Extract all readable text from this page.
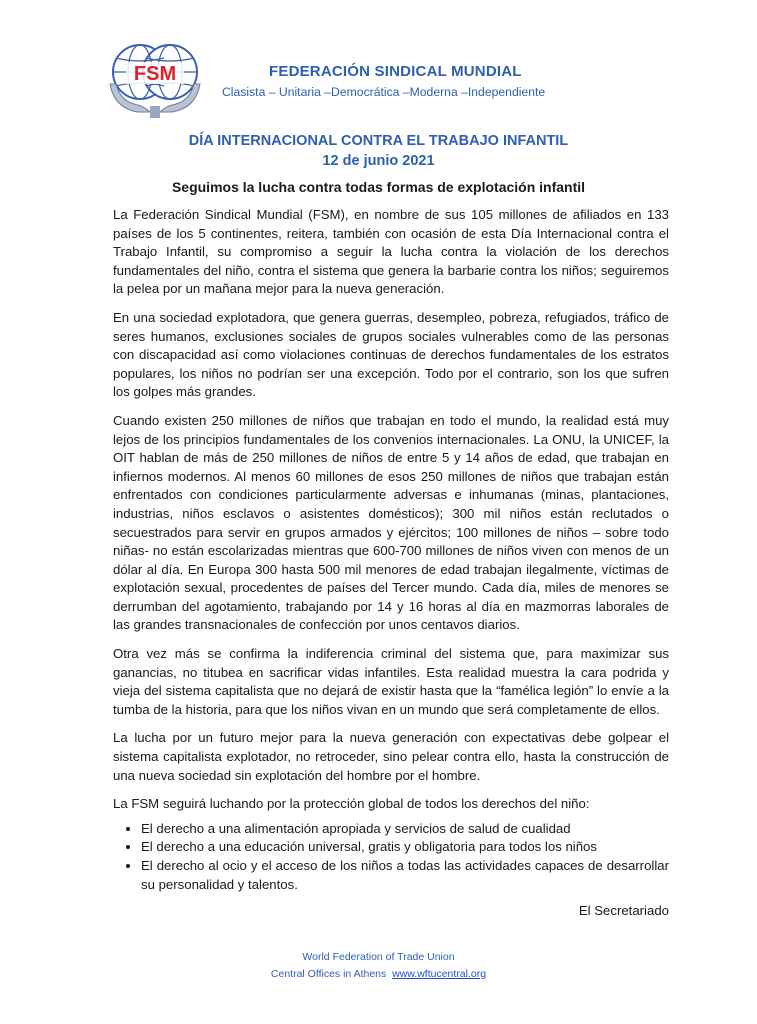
FSM	FEDERACIÓN SINDICAL MUNDIAL
Clasista – Unitaria –Democrática –Moderna –Independiente
DÍA INTERNACIONAL CONTRA EL TRABAJO INFANTIL
12 de junio 2021
Seguimos la lucha contra todas formas de explotación infantil

La Federación Sindical Mundial (FSM), en nombre de sus 105 millones de afiliados en 133 países de los 5 continentes, reitera, también con ocasión de esta Día Internacional contra el Trabajo Infantil, su compromiso a seguir la lucha contra la violación de los derechos fundamentales del niño, contra el sistema que genera la barbarie contra los niños; seguiremos la pelea por un mañana mejor para la nueva generación.

En una sociedad explotadora, que genera guerras, desempleo, pobreza, refugiados, tráfico de seres humanos, exclusiones sociales de grupos sociales vulnerables como de las personas con discapacidad así como violaciones continuas de derechos fundamentales de los estratos populares, los niños no podrían ser una excepción. Todo por el contrario, son los que sufren los golpes más grandes.

Cuando existen 250 millones de niños que trabajan en todo el mundo, la realidad está muy lejos de los principios fundamentales de los convenios internacionales. La ONU, la UNICEF, la OIT hablan de más de 250 millones de niños de entre 5 y 14 años de edad, que trabajan en infiernos modernos. Al menos 60 millones de esos 250 millones de niños que trabajan están enfrentados con condiciones particularmente adversas e inhumanas (minas, plantaciones, industrias, niños esclavos o asistentes domésticos); 300 mil niños están reclutados o secuestrados para servir en grupos armados y ejércitos; 100 millones de niños – sobre todo niñas- no están escolarizadas mientras que 600-700 millones de niños viven con menos de un dólar al día. En Europa 300 hasta 500 mil menores de edad trabajan ilegalmente, víctimas de explotación sexual, procedentes de países del Tercer mundo. Cada día, miles de menores se derrumban del agotamiento, trabajando por 14 y 16 horas al día en mazmorras laborales de las grandes transnacionales de confección por unos centavos diarios.

Otra vez más se confirma la indiferencia criminal del sistema que, para maximizar sus ganancias, no titubea en sacrificar vidas infantiles. Esta realidad muestra la cara podrida y vieja del sistema capitalista que no dejará de existir hasta que la “famélica legión” lo envíe a la tumba de la historia, para que los niños vivan en un mundo que será completamente de ellos.

La lucha por un futuro mejor para la nueva generación con expectativas debe golpear el sistema capitalista explotador, no retroceder, sino pelear contra ello, hasta la construcción de una nueva sociedad sin explotación del hombre por el hombre.

La FSM seguirá luchando por la protección global de todos los derechos del niño:

• El derecho a una alimentación apropiada y servicios de salud de cualidad
• El derecho a una educación universal, gratis y obligatoria para todos los niños
• El derecho al ocio y el acceso de los niños a todas las actividades capaces de desarrollar su personalidad y talentos.
El Secretariado
World Federation of Trade Union
Central Offices in Athens www.wftucentral.org
